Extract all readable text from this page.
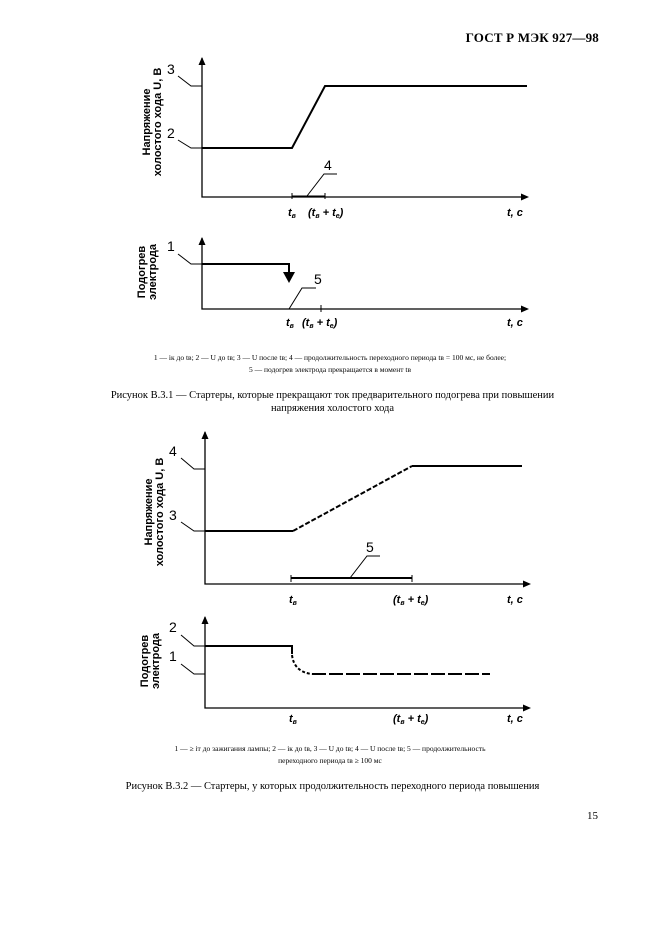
ГОСТ Р МЭК 927—98
3
2
4
tв (tв + tе)	t, с
Напряжение холостого хода U, В
1
5
tв (tв + tе)	t, с
Подогрев электрода
1 — iк до tв; 2 — U до tв; 3 — U после tв; 4 — продолжительность переходного периода tв = 100 мс, не более;
5 — подогрев электрода прекращается в момент tв
Рисунок В.3.1 — Стартеры, которые прекращают ток предварительного подогрева при повышении
напряжения холостого хода
4
3
5
tв	(tв + tе)	t, с
Напряжение холостого хода U, В
2
1
tв	(tв + tе)	t, с
Подогрев электрода
1 — ≥ iт до зажигания лампы; 2 — iк до tв, 3 — U до tв; 4 — U после tв; 5 — продолжительность
переходного периода tв ≥ 100 мс
Рисунок В.3.2 — Стартеры, у которых продолжительность переходного периода повышения
15
